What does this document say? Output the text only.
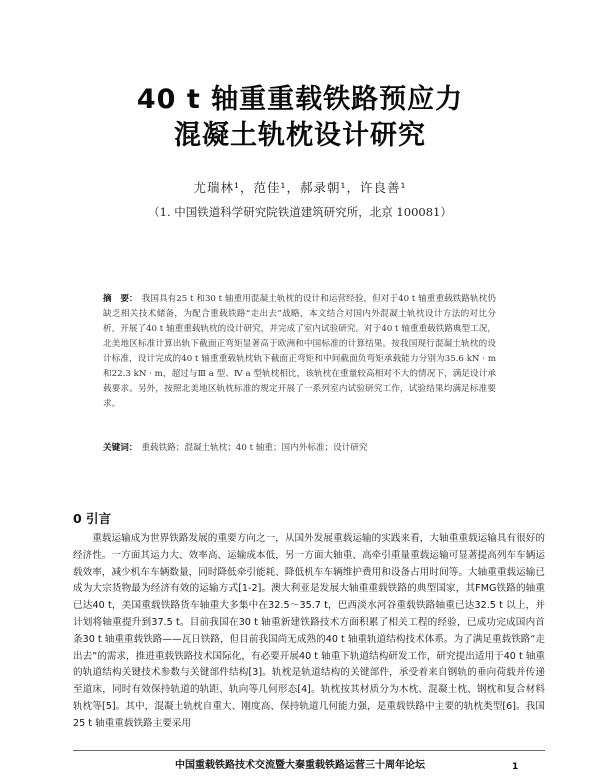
40 t 轴重重载铁路预应力
混凝土轨枕设计研究
尤瑞林¹，范佳¹，郝录朝¹，许良善¹
（1. 中国铁道科学研究院铁道建筑研究所，北京 100081）
摘　要： 我国具有25 t 和30 t 轴重用混凝土轨枕的设计和运营经验，但对于40 t 轴重重载铁路轨枕仍缺乏相关技术储备，为配合重载铁路“走出去”战略，本文结合对国内外混凝土轨枕设计方法的对比分析，开展了40 t 轴重重载轨枕的设计研究，并完成了室内试验研究。对于40 t 轴重重载铁路典型工况，北美地区标准计算出轨下截面正弯矩显著高于欧洲和中国标准的计算结果。按我国现行混凝土轨枕的设计标准，设计完成的40 t 轴重重载轨枕轨下截面正弯矩和中间截面负弯矩承载能力分别为35.6 kN · m 和22.3 kN · m，超过与Ⅲ a 型、Ⅳ a 型轨枕相比，该轨枕在重量较高相对不大的情况下，满足设计承载要求。另外，按照北美地区轨枕标准的规定开展了一系列室内试验研究工作，试验结果均满足标准要求。
关键词： 重载铁路；混凝土轨枕；40 t 轴重；国内外标准；设计研究
0 引言
重载运输成为世界铁路发展的重要方向之一，从国外发展重载运输的实践来看，大轴重重载运输具有很好的经济性。一方面其运力大、效率高、运输成本低，另一方面大轴重、高牵引重量重载运输可显著提高列车车辆运载效率，减少机车车辆数量，同时降低牵引能耗、降低机车车辆维护费用和设备占用时间等。大轴重重载运输已成为大宗货物最为经济有效的运输方式[1-2]。澳大利亚是发展大轴重重载铁路的典型国家，其FMG铁路的轴重已达40 t，美国重载铁路货车轴重大多集中在32.5～35.7 t，巴西淡水河谷重载铁路轴重已达32.5 t 以上，并计划将轴重提升到37.5 t。目前我国在30 t 轴重新建铁路技术方面积累了相关工程的经验，已成功完成国内首条30 t 轴重重载铁路——瓦日铁路，但目前我国尚无成熟的40 t 轴重轨道结构技术体系。为了满足重载铁路“走出去”的需求，推进重载铁路技术国际化，有必要开展40 t 轴重下轨道结构研发工作，研究提出适用于40 t 轴重的轨道结构关键技术参数与关键部件结构[3]。轨枕是轨道结构的关键部件，承受着来自钢轨的垂向荷载并传递至道床，同时有效保持轨道的轨距、轨向等几何形态[4]。轨枕按其材质分为木枕、混凝土枕、钢枕和复合材料轨枕等[5]。其中，混凝土轨枕自重大、刚度高、保持轨道几何能力强，是重载铁路中主要的轨枕类型[6]。我国25 t 轴重重载铁路主要采用
中国重载铁路技术交流暨大秦重载铁路运营三十周年论坛	1
